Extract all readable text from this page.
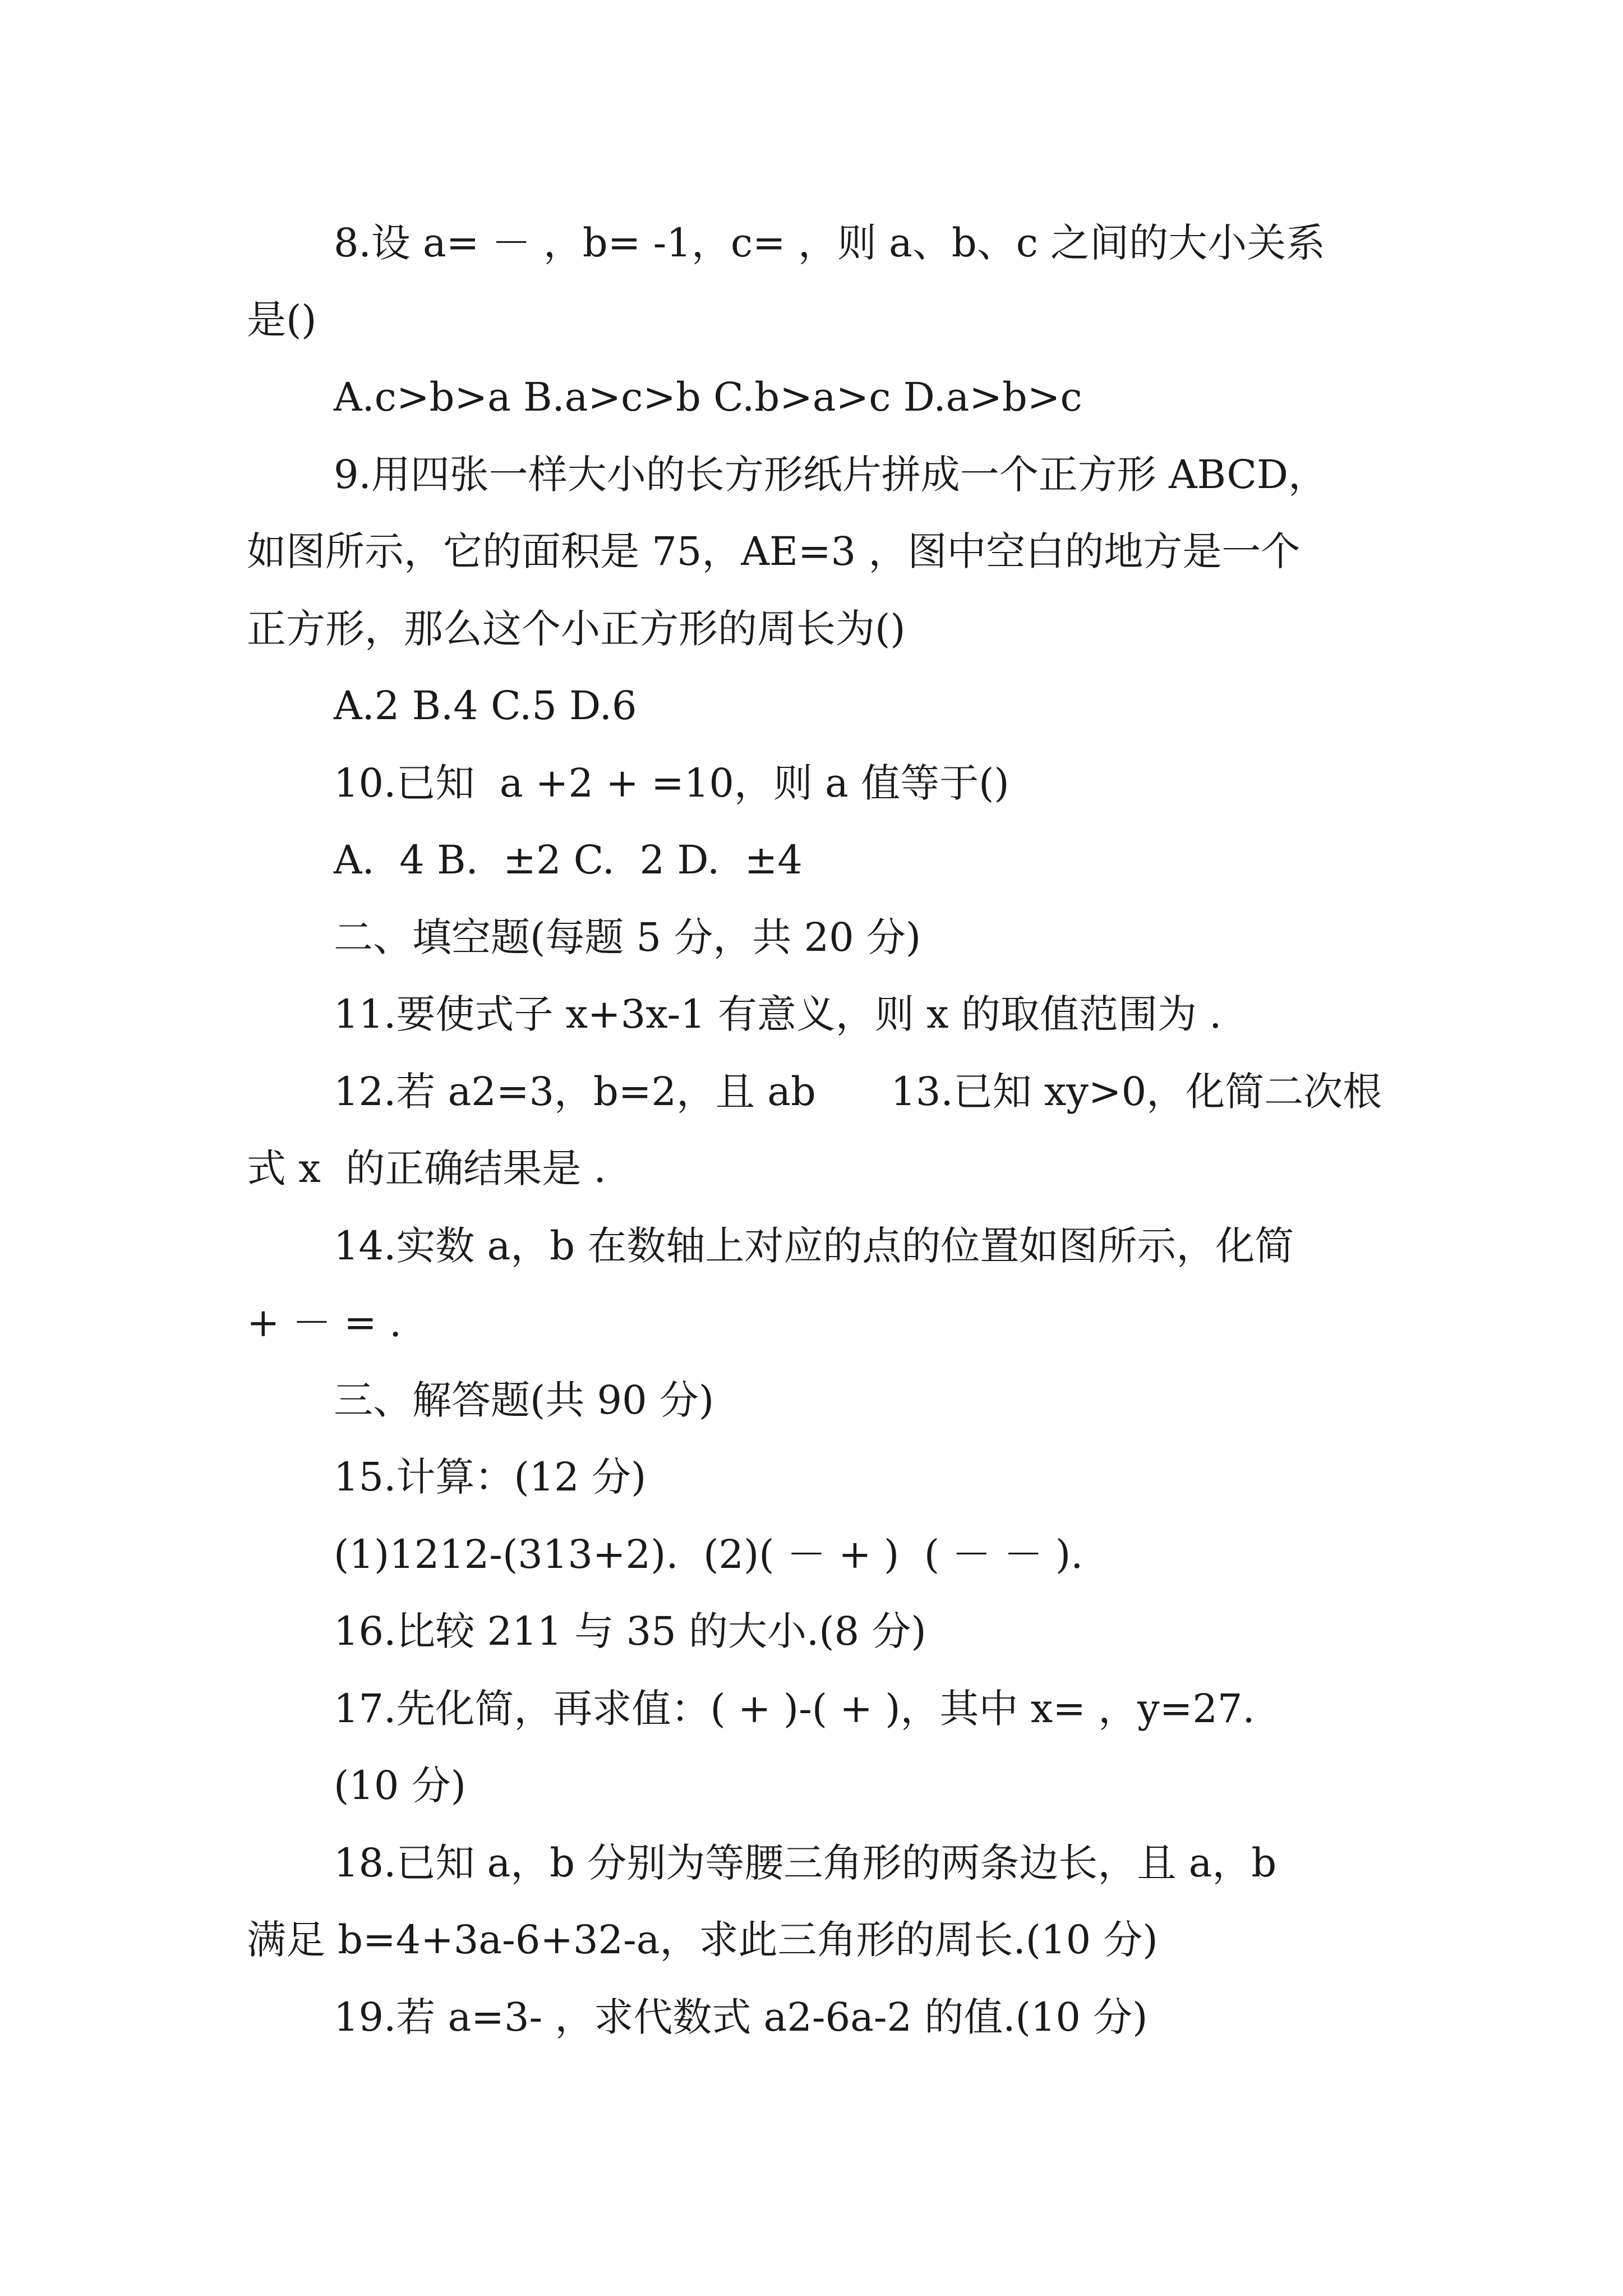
8.设 a= － ，b= -1，c= ，则 a、b、c 之间的大小关系
是()
A.c>b>a B.a>c>b C.b>a>c D.a>b>c
9.用四张一样大小的长方形纸片拼成一个正方形 ABCD，
如图所示，它的面积是 75，AE=3 ，图中空白的地方是一个
正方形，那么这个小正方形的周长为()
A.2 B.4 C.5 D.6
10.已知  a +2 + =10，则 a 值等于()
A.  4 B.  ±2 C.  2 D.  ±4
二、填空题(每题 5 分，共 20 分)
11.要使式子 x+3x-1 有意义，则 x 的取值范围为 .
12.若 a2=3，b=2，且 ab      13.已知 xy>0，化简二次根
式 x  的正确结果是 .
14.实数 a，b 在数轴上对应的点的位置如图所示，化简
+ － = .
三、解答题(共 90 分)
15.计算：(12 分)
(1)1212-(313+2).  (2)( － + )  ( － － ).
16.比较 211 与 35 的大小.(8 分)
17.先化简，再求值：( + )-( + )，其中 x= ，y=27.
(10 分)
18.已知 a，b 分别为等腰三角形的两条边长，且 a，b
满足 b=4+3a-6+32-a，求此三角形的周长.(10 分)
19.若 a=3- ，求代数式 a2-6a-2 的值.(10 分)
